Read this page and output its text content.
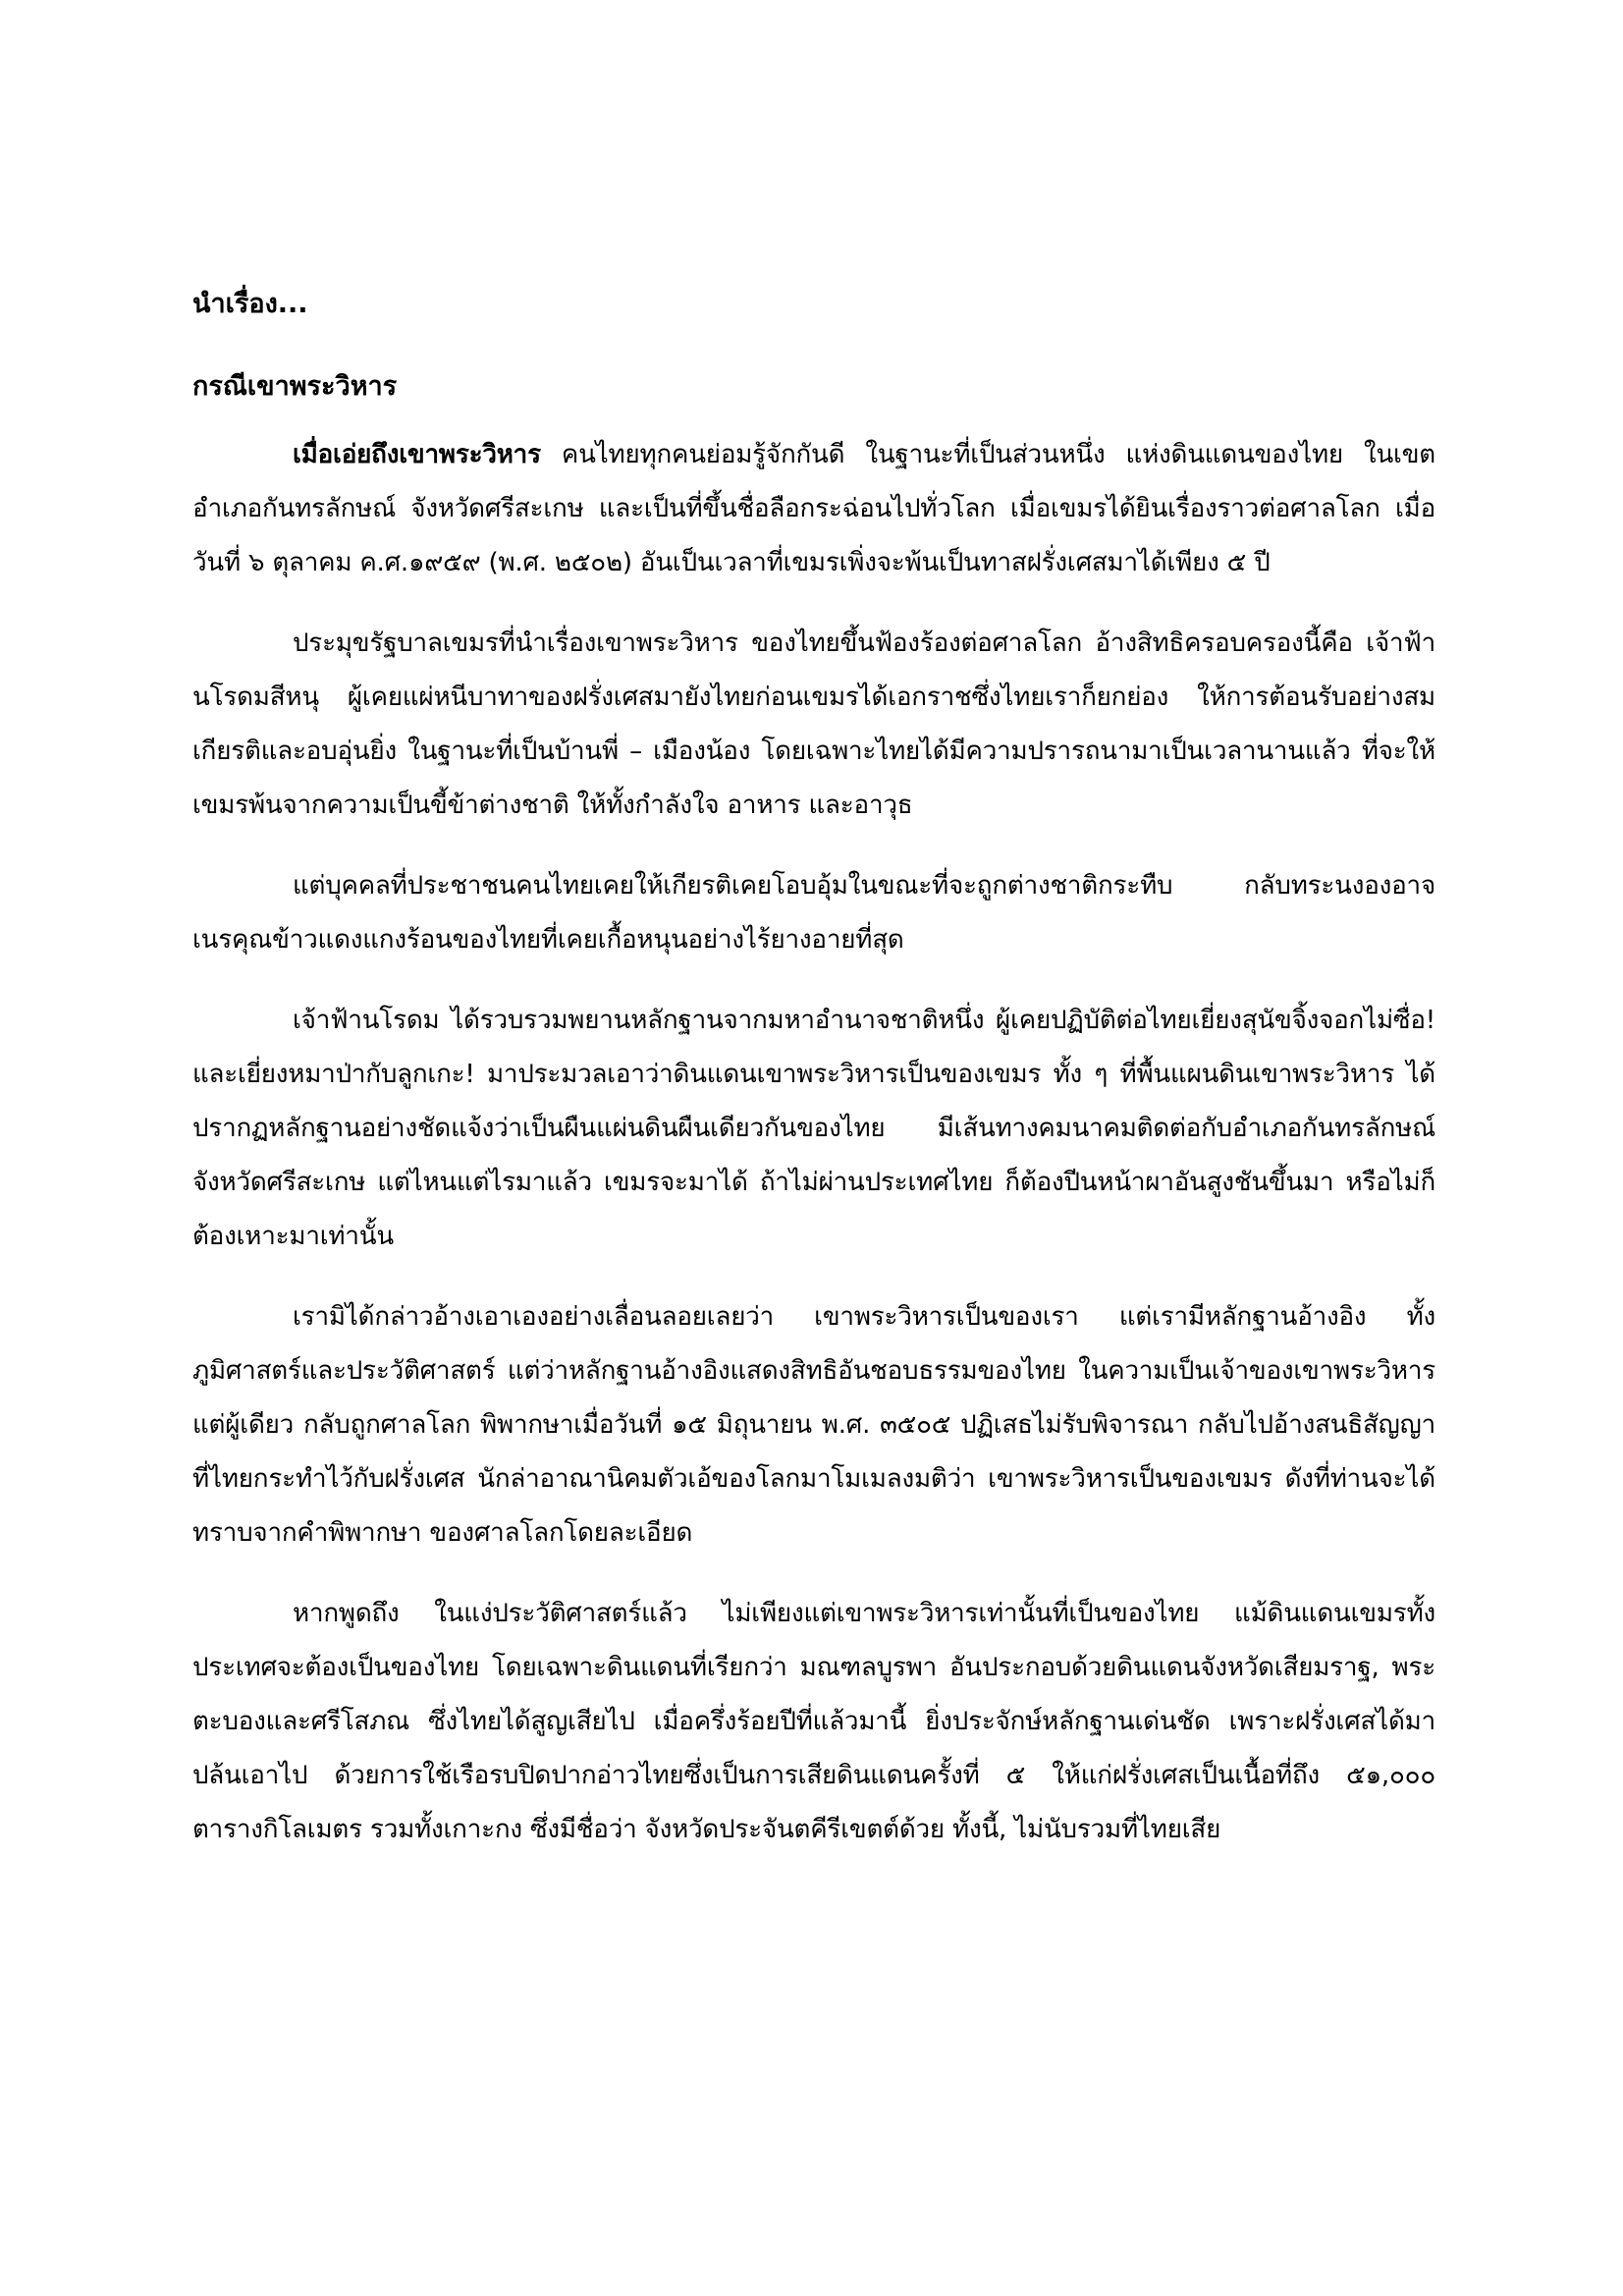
นำเรื่อง...

กรณีเขาพระวิหาร

เมื่อเอ่ยถึงเขาพระวิหาร คนไทยทุกคนย่อมรู้จักกันดี ในฐานะที่เป็นส่วนหนึ่ง แห่งดินแดนของไทย ในเขตอำเภอกันทรลักษณ์ จังหวัดศรีสะเกษ และเป็นที่ขึ้นชื่อลือกระฉ่อนไปทั่วโลก เมื่อเขมรได้ยินเรื่องราวต่อศาลโลก เมื่อวันที่ ๖ ตุลาคม ค.ศ.๑๙๕๙ (พ.ศ. ๒๕๐๒) อันเป็นเวลาที่เขมรเพิ่งจะพ้นเป็นทาสฝรั่งเศสมาได้เพียง ๕ ปี

ประมุขรัฐบาลเขมรที่นำเรื่องเขาพระวิหาร ของไทยขึ้นฟ้องร้องต่อศาลโลก อ้างสิทธิครอบครองนี้คือ เจ้าฟ้านโรดมสีหนุ ผู้เคยแผ่หนีบาทาของฝรั่งเศสมายังไทยก่อนเขมรได้เอกราชซึ่งไทยเราก็ยกย่อง ให้การต้อนรับอย่างสมเกียรติและอบอุ่นยิ่ง ในฐานะที่เป็นบ้านพี่ – เมืองน้อง โดยเฉพาะไทยได้มีความปรารถนามาเป็นเวลานานแล้ว ที่จะให้เขมรพ้นจากความเป็นขี้ข้าต่างชาติ ให้ทั้งกำลังใจ อาหาร และอาวุธ

แต่บุคคลที่ประชาชนคนไทยเคยให้เกียรติเคยโอบอุ้มในขณะที่จะถูกต่างชาติกระทืบ กลับทระนงองอาจเนรคุณข้าวแดงแกงร้อนของไทยที่เคยเกื้อหนุนอย่างไร้ยางอายที่สุด

เจ้าฟ้านโรดม ได้รวบรวมพยานหลักฐานจากมหาอำนาจชาติหนึ่ง ผู้เคยปฏิบัติต่อไทยเยี่ยงสุนัขจิ้งจอกไม่ซื่อ! และเยี่ยงหมาป่ากับลูกเกะ! มาประมวลเอาว่าดินแดนเขาพระวิหารเป็นของเขมร ทั้ง ๆ ที่พื้นแผนดินเขาพระวิหาร ได้ปรากฏหลักฐานอย่างชัดแจ้งว่าเป็นผืนแผ่นดินผืนเดียวกันของไทย มีเส้นทางคมนาคมติดต่อกับอำเภอกันทรลักษณ์ จังหวัดศรีสะเกษ แต่ไหนแต่ไรมาแล้ว เขมรจะมาได้ ถ้าไม่ผ่านประเทศไทย ก็ต้องปีนหน้าผาอันสูงชันขึ้นมา หรือไม่ก็ต้องเหาะมาเท่านั้น

เรามิได้กล่าวอ้างเอาเองอย่างเลื่อนลอยเลยว่า เขาพระวิหารเป็นของเรา แต่เรามีหลักฐานอ้างอิง ทั้งภูมิศาสตร์และประวัติศาสตร์ แต่ว่าหลักฐานอ้างอิงแสดงสิทธิอันชอบธรรมของไทย ในความเป็นเจ้าของเขาพระวิหารแต่ผู้เดียว กลับถูกศาลโลก พิพากษาเมื่อวันที่ ๑๕ มิถุนายน พ.ศ. ๓๕๐๕ ปฏิเสธไม่รับพิจารณา กลับไปอ้างสนธิสัญญาที่ไทยกระทำไว้กับฝรั่งเศส นักล่าอาณานิคมตัวเอ้ของโลกมาโมเมลงมติว่า เขาพระวิหารเป็นของเขมร ดังที่ท่านจะได้ทราบจากคำพิพากษา ของศาลโลกโดยละเอียด

หากพูดถึง ในแง่ประวัติศาสตร์แล้ว ไม่เพียงแต่เขาพระวิหารเท่านั้นที่เป็นของไทย แม้ดินแดนเขมรทั้งประเทศจะต้องเป็นของไทย โดยเฉพาะดินแดนที่เรียกว่า มณฑลบูรพา อันประกอบด้วยดินแดนจังหวัดเสียมราฐ, พระตะบองและศรีโสภณ ซึ่งไทยได้สูญเสียไป เมื่อครึ่งร้อยปีที่แล้วมานี้ ยิ่งประจักษ์หลักฐานเด่นชัด เพราะฝรั่งเศสได้มาปล้นเอาไป ด้วยการใช้เรือรบปิดปากอ่าวไทยซึ่งเป็นการเสียดินแดนครั้งที่ ๕ ให้แก่ฝรั่งเศสเป็นเนื้อที่ถึง ๕๑,๐๐๐ ตารางกิโลเมตร รวมทั้งเกาะกง ซึ่งมีชื่อว่า จังหวัดประจันตคีรีเขตต์ด้วย ทั้งนี้, ไม่นับรวมที่ไทยเสีย
